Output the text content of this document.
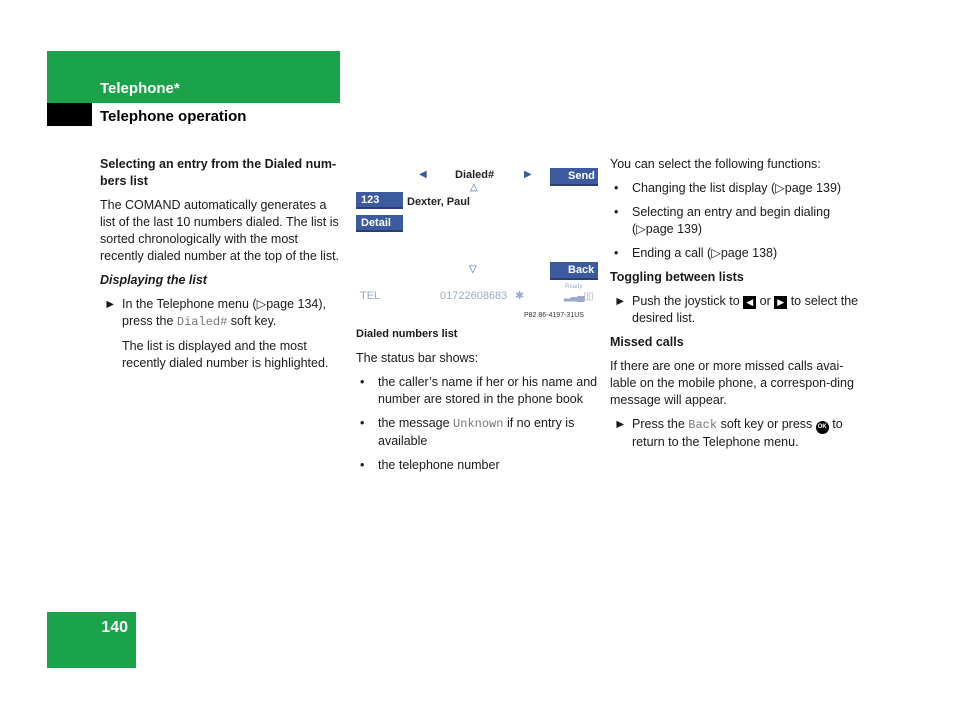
Telephone*
Telephone operation
Selecting an entry from the Dialed num-bers list
The COMAND automatically generates a list of the last 10 numbers dialed. The list is sorted chronologically with the most recently dialed number at the top of the list.
Displaying the list
► In the Telephone menu (▷page 134), press the Dialed# soft key.
The list is displayed and the most recently dialed number is highlighted.
◀	Dialed#	▶
△
Send
123	Dexter, Paul
Detail
▽	Back
TEL	01722608683 ✱
Ready
▂▃▄▯▯
P82.86-4197-31US
Dialed numbers list
The status bar shows:
• the caller’s name if her or his name and number are stored in the phone book
• the message Unknown if no entry is available
• the telephone number
You can select the following functions:
• Changing the list display (▷page 139)
• Selecting an entry and begin dialing (▷page 139)
• Ending a call (▷page 138)
Toggling between lists
► Push the joystick to ◀ or ▶ to select the desired list.
Missed calls
If there are one or more missed calls avai-lable on the mobile phone, a correspon-ding message will appear.
► Press the Back soft key or press OK to return to the Telephone menu.
140
